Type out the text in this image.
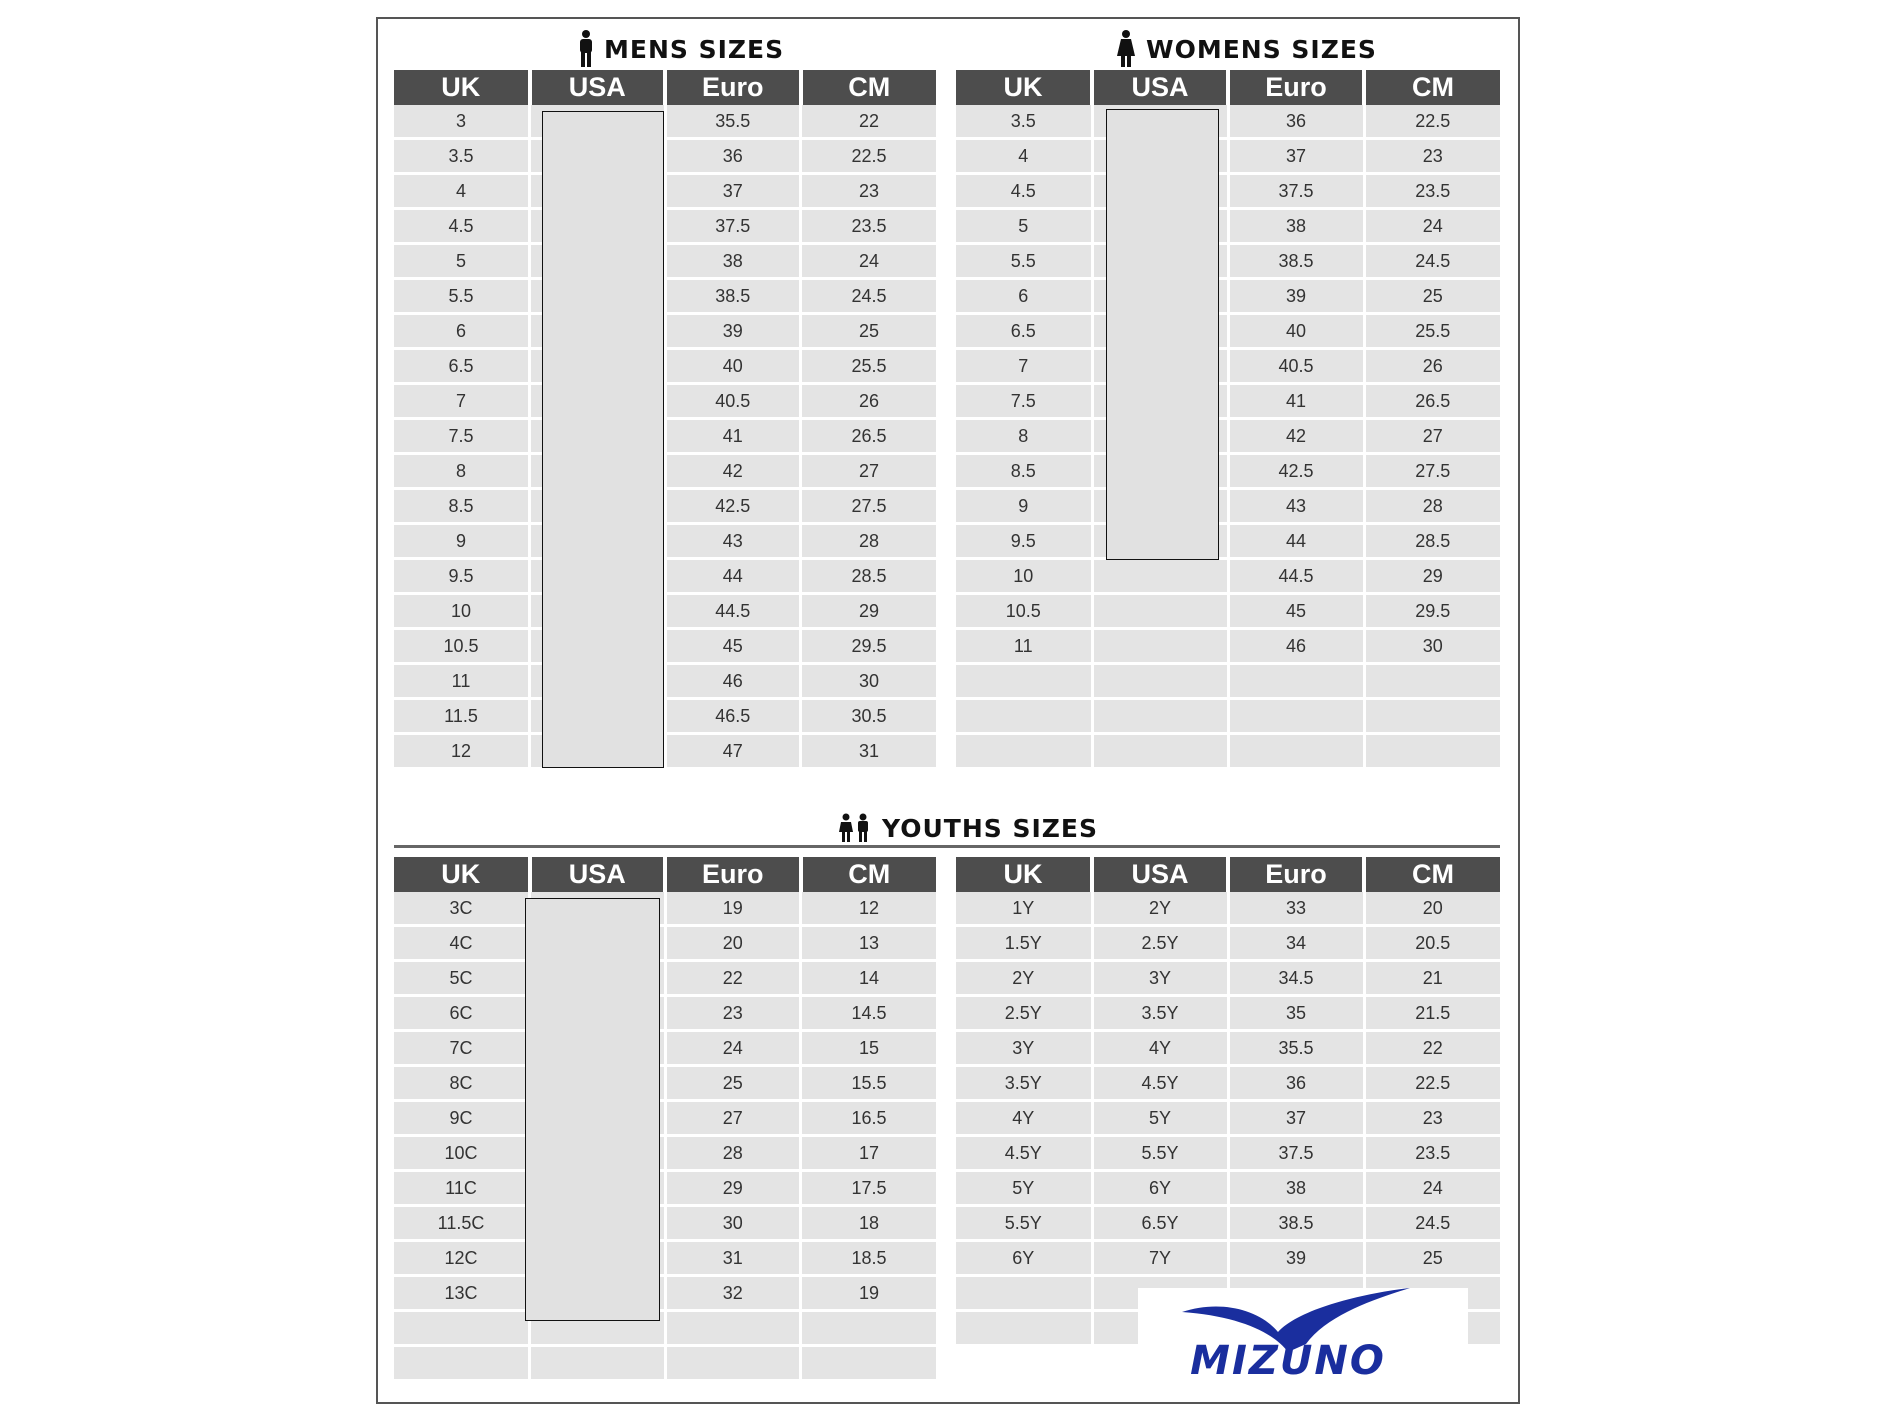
MENS SIZES	WOMENS SIZES
YOUTHS SIZES
UK	USA	Euro	CM
3		35.5	22
3.5		36	22.5
4		37	23
4.5		37.5	23.5
5		38	24
5.5		38.5	24.5
6		39	25
6.5		40	25.5
7		40.5	26
7.5		41	26.5
8		42	27
8.5		42.5	27.5
9		43	28
9.5		44	28.5
10		44.5	29
10.5		45	29.5
11		46	30
11.5		46.5	30.5
12		47	31
UK	USA	Euro	CM
3.5		36	22.5
4		37	23
4.5		37.5	23.5
5		38	24
5.5		38.5	24.5
6		39	25
6.5		40	25.5
7		40.5	26
7.5		41	26.5
8		42	27
8.5		42.5	27.5
9		43	28
9.5		44	28.5
10		44.5	29
10.5		45	29.5
11		46	30

UK	USA	Euro	CM
3C		19	12
4C		20	13
5C		22	14
6C		23	14.5
7C		24	15
8C		25	15.5
9C		27	16.5
10C		28	17
11C		29	17.5
11.5C		30	18
12C		31	18.5
13C		32	19

UK	USA	Euro	CM
1Y	2Y	33	20
1.5Y	2.5Y	34	20.5
2Y	3Y	34.5	21
2.5Y	3.5Y	35	21.5
3Y	4Y	35.5	22
3.5Y	4.5Y	36	22.5
4Y	5Y	37	23
4.5Y	5.5Y	37.5	23.5
5Y	6Y	38	24
5.5Y	6.5Y	38.5	24.5
6Y	7Y	39	25

MIZUNO
